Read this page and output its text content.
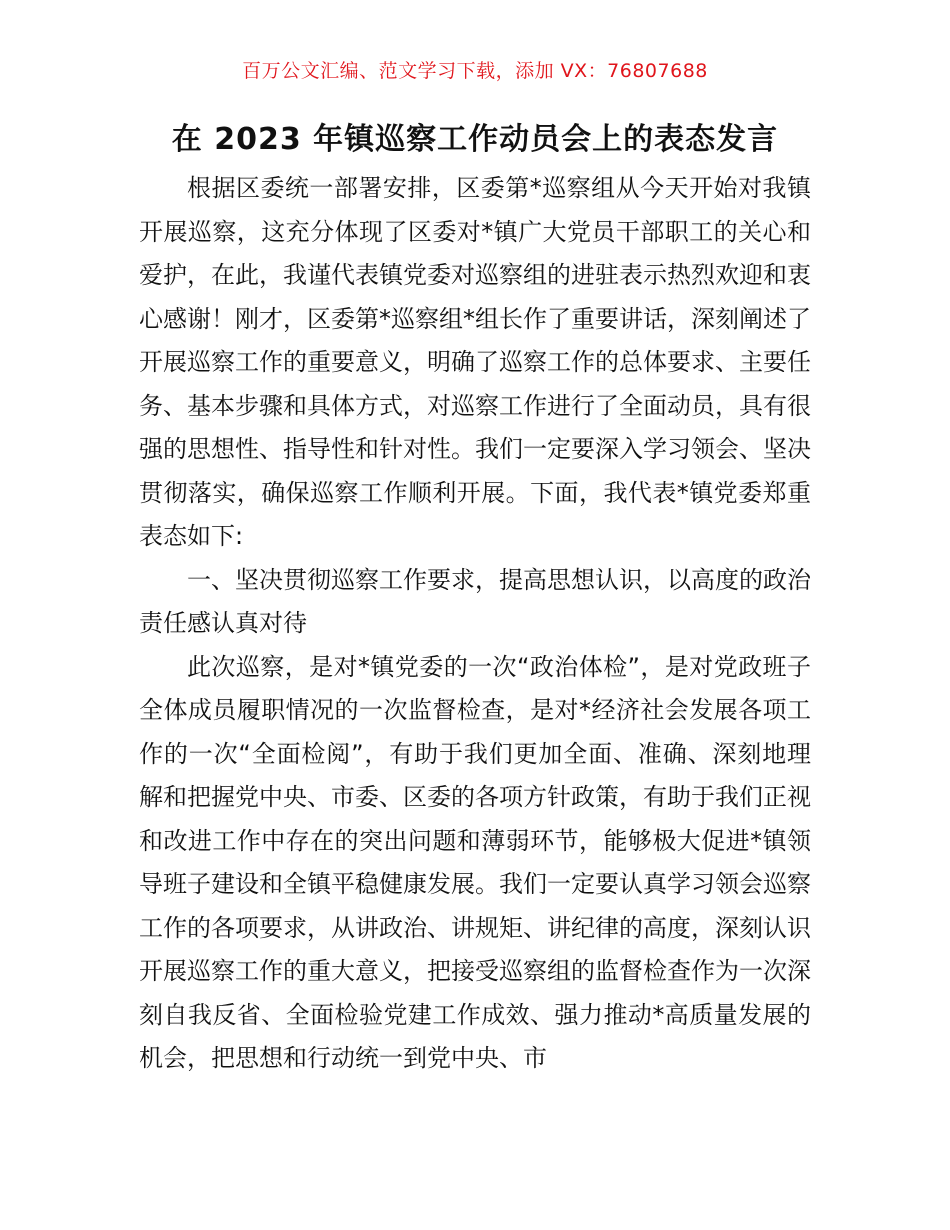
百万公文汇编、范文学习下载，添加 VX：76807688
在 2023 年镇巡察工作动员会上的表态发言

根据区委统一部署安排，区委第*巡察组从今天开始对我镇开展巡察，这充分体现了区委对*镇广大党员干部职工的关心和爱护，在此，我谨代表镇党委对巡察组的进驻表示热烈欢迎和衷心感谢！刚才，区委第*巡察组*组长作了重要讲话，深刻阐述了开展巡察工作的重要意义，明确了巡察工作的总体要求、主要任务、基本步骤和具体方式，对巡察工作进行了全面动员，具有很强的思想性、指导性和针对性。我们一定要深入学习领会、坚决贯彻落实，确保巡察工作顺利开展。下面，我代表*镇党委郑重表态如下:

一、坚决贯彻巡察工作要求，提高思想认识，以高度的政治责任感认真对待

此次巡察，是对*镇党委的一次“政治体检”，是对党政班子全体成员履职情况的一次监督检查，是对*经济社会发展各项工作的一次“全面检阅”，有助于我们更加全面、准确、深刻地理解和把握党中央、市委、区委的各项方针政策，有助于我们正视和改进工作中存在的突出问题和薄弱环节，能够极大促进*镇领导班子建设和全镇平稳健康发展。我们一定要认真学习领会巡察工作的各项要求，从讲政治、讲规矩、讲纪律的高度，深刻认识开展巡察工作的重大意义，把接受巡察组的监督检查作为一次深刻自我反省、全面检验党建工作成效、强力推动*高质量发展的机会，把思想和行动统一到党中央、市
